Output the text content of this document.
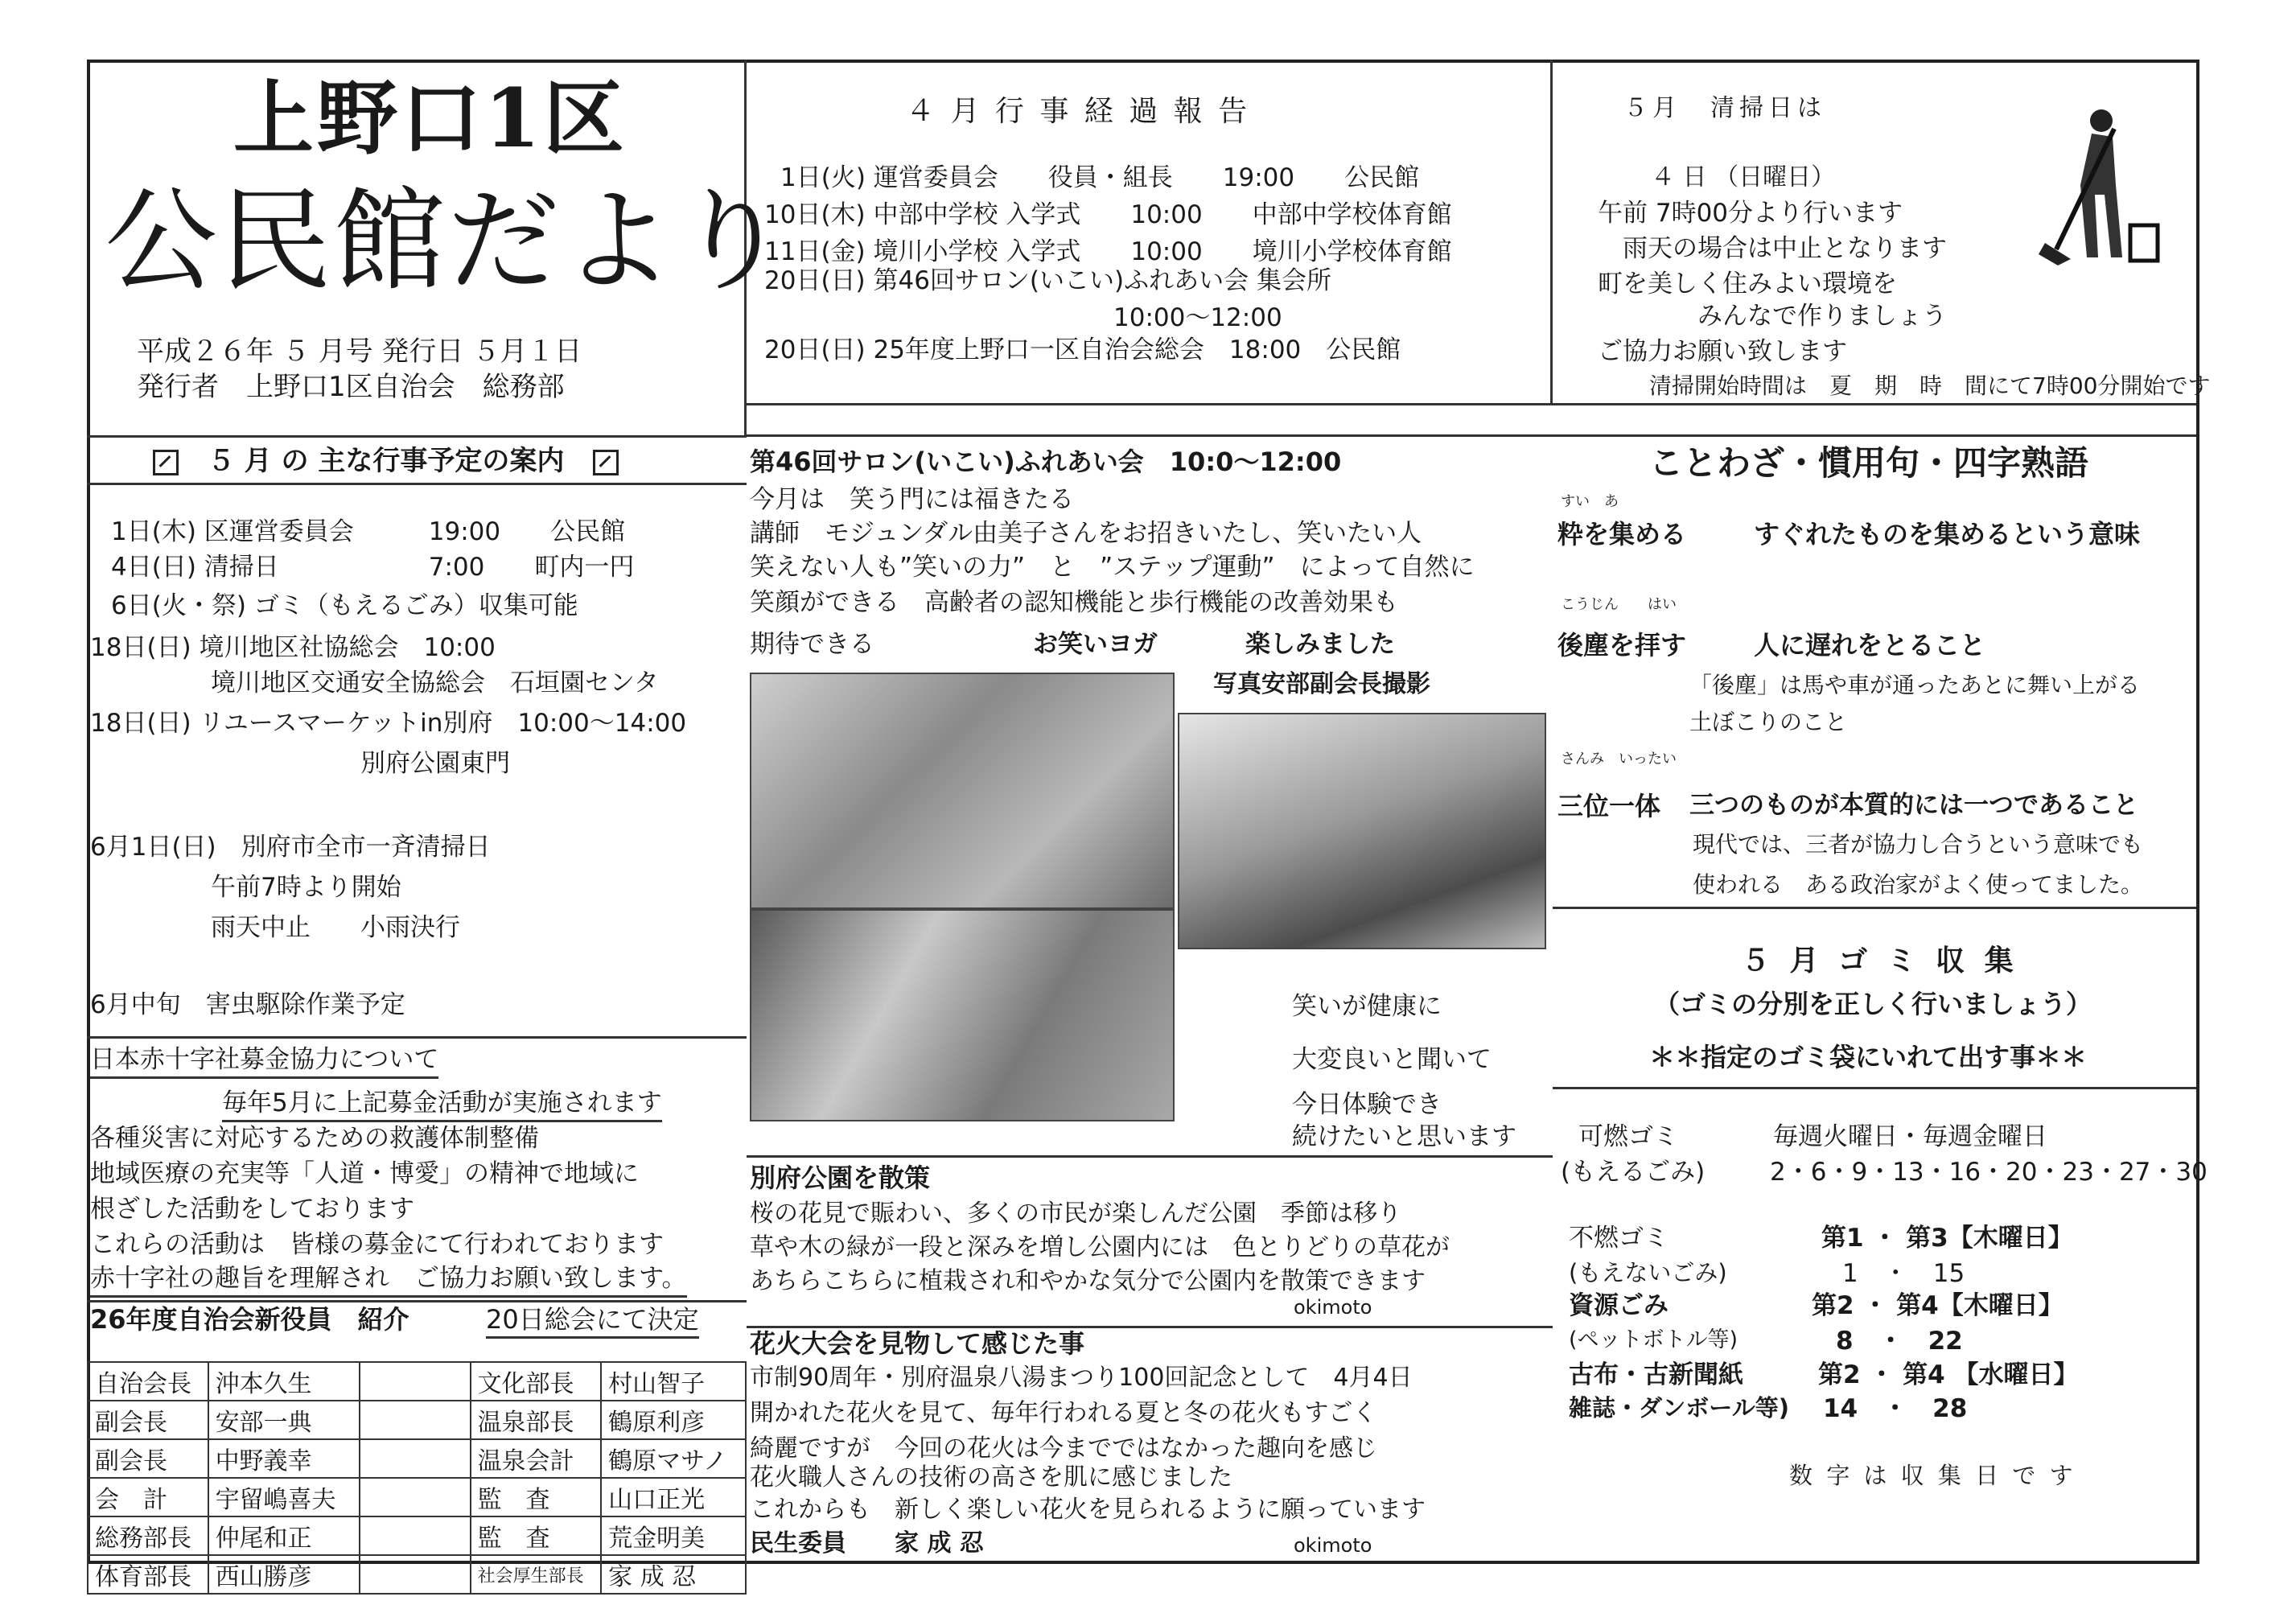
上野口1区
公民館だより
平成２６年 ５ 月号 発行日 ５月１日
発行者　上野口1区自治会　総務部
５ 月 の 主な行事予定の案内
1日(木) 区運営委員会　　　19:00　　公民館
4日(日) 清掃日　　　　　　7:00　　町内一円
6日(火・祭) ゴミ（もえるごみ）収集可能
18日(日) 境川地区社協総会　10:00
　　境川地区交通安全協総会　石垣園センタ
18日(日) リユースマーケットin別府　10:00〜14:00
　　　　　　　　別府公園東門
6月1日(日)　別府市全市一斉清掃日
　　午前7時より開始
　　雨天中止　　小雨決行
6月中旬　害虫駆除作業予定
日本赤十字社募金協力について
毎年5月に上記募金活動が実施されます
各種災害に対応するための救護体制整備
地域医療の充実等「人道・博愛」の精神で地域に
根ざした活動をしております
これらの活動は　皆様の募金にて行われております
赤十字社の趣旨を理解され　ご協力お願い致します。
26年度自治会新役員　紹介	20日総会にて決定
自治会長	沖本久生		文化部長	村山智子
副会長	安部一典		温泉部長	鶴原利彦
副会長	中野義幸		温泉会計	鶴原マサノ
会　計	宇留嶋喜夫		監　査	山口正光
総務部長	仲尾和正		監　査	荒金明美
体育部長	西山勝彦		社会厚生部長	家 成 忍
４ 月 行 事 経 過 報 告
1日(火) 運営委員会　　役員・組長　　19:00　　公民館
10日(木) 中部中学校 入学式　　10:00　　中部中学校体育館
11日(金) 境川小学校 入学式　　10:00　　境川小学校体育館
20日(日) 第46回サロン(いこい)ふれあい会 集会所
　　　　　　　　　　　　　　10:00〜12:00
20日(日) 25年度上野口一区自治会総会　18:00　公民館
第46回サロン(いこい)ふれあい会　10:0〜12:00
今月は　笑う門には福きたる
講師　モジュンダル由美子さんをお招きいたし、笑いたい人
笑えない人も”笑いの力”　と　”ステップ運動”　によって自然に
笑顔ができる　高齢者の認知機能と歩行機能の改善効果も
期待できる	お笑いヨガ	楽しみました
写真安部副会長撮影
笑いが健康に
大変良いと聞いて
今日体験でき
続けたいと思います
別府公園を散策
桜の花見で賑わい、多くの市民が楽しんだ公園　季節は移り
草や木の緑が一段と深みを増し公園内には　色とりどりの草花が
あちらこちらに植栽され和やかな気分で公園内を散策できます
okimoto
花火大会を見物して感じた事
市制90周年・別府温泉八湯まつり100回記念として　4月4日
開かれた花火を見て、毎年行われる夏と冬の花火もすごく
綺麗ですが　今回の花火は今までではなかった趣向を感じ
花火職人さんの技術の高さを肌に感じました
これからも　新しく楽しい花火を見られるように願っています
民生委員　　家 成 忍	okimoto
５月　清掃日は
４ 日 （日曜日）
午前 7時00分より行います
　雨天の場合は中止となります
町を美しく住みよい環境を
　　　　みんなで作りましょう
ご協力お願い致します
清掃開始時間は　夏　期　時　間にて7時00分開始です
ことわざ・慣用句・四字熟語
すい　あ
粋を集める	すぐれたものを集めるという意味
こうじん　　はい
後塵を拝す	人に遅れをとること
「後塵」は馬や車が通ったあとに舞い上がる
土ぼこりのこと
さんみ　いったい
三位一体 三つのものが本質的には一つであること
現代では、三者が協力し合うという意味でも
使われる　ある政治家がよく使ってました。
５ 月 ゴ ミ 収 集
（ゴミの分別を正しく行いましょう）
＊＊指定のゴミ袋にいれて出す事＊＊
可燃ゴミ	毎週火曜日・毎週金曜日
(もえるごみ)	2・6・9・13・16・20・23・27・30
不燃ゴミ	第1 ・ 第3【木曜日】
(もえないごみ)	1　・　15
資源ごみ	第2 ・ 第4【木曜日】
(ペットボトル等)	8　・　22
古布・古新聞紙	第2 ・ 第4 【水曜日】
雑誌・ダンボール等) 14　・　28
数 字 は 収 集 日 で す
